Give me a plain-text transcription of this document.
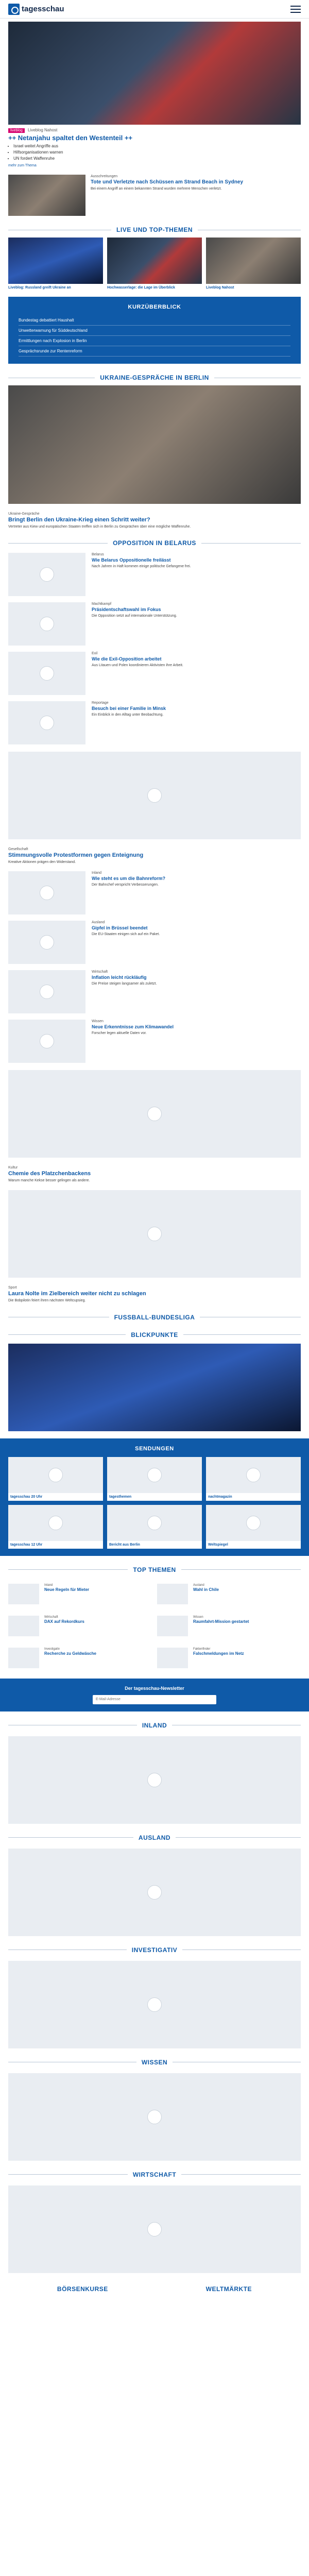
tagesschau
liveblog Liveblog Nahost
++ Netanjahu spaltet den Westenteil ++
• Israel weitet Angriffe aus
• Hilfsorganisationen warnen
• UN fordert Waffenruhe
mehr zum Thema
Ausschreitungen
Tote und Verletzte nach Schüssen am Strand Beach in Sydney
Bei einem Angriff an einem bekannten Strand wurden mehrere Menschen verletzt.
LIVE UND TOP-THEMEN
Liveblog: Russland greift Ukraine an	Hochwasserlage: die Lage im Überblick	Liveblog Nahost
KURZÜBERBLICK
Bundestag debattiert Haushalt
Unwetterwarnung für Süddeutschland
Ermittlungen nach Explosion in Berlin
Gesprächsrunde zur Rentenreform
UKRAINE-GESPRÄCHE IN BERLIN
Ukraine-Gespräche
Bringt Berlin den Ukraine-Krieg einen Schritt weiter?
Vertreter aus Kiew und europäischen Staaten treffen sich in Berlin zu Gesprächen über eine mögliche Waffenruhe.
OPPOSITION IN BELARUS
Belarus
Wie Belarus Oppositionelle freilässt
Nach Jahren in Haft kommen einige politische Gefangene frei.
Machtkampf
Präsidentschaftswahl im Fokus
Die Opposition setzt auf internationale Unterstützung.
Exil
Wie die Exil-Opposition arbeitet
Aus Litauen und Polen koordinieren Aktivisten ihre Arbeit.
Reportage
Besuch bei einer Familie in Minsk
Ein Einblick in den Alltag unter Beobachtung.
Gesellschaft
Stimmungsvolle Protestformen gegen Enteignung
Kreative Aktionen prägen den Widerstand.
Inland
Wie steht es um die Bahnreform?
Der Bahnchef verspricht Verbesserungen.
Ausland
Gipfel in Brüssel beendet
Die EU-Staaten einigen sich auf ein Paket.
Wirtschaft
Inflation leicht rückläufig
Die Preise steigen langsamer als zuletzt.
Wissen
Neue Erkenntnisse zum Klimawandel
Forscher legen aktuelle Daten vor.
Kultur
Chemie des Platzchenbackens
Warum manche Kekse besser gelingen als andere.
Sport
Laura Nolte im Zielbereich weiter nicht zu schlagen
Die Bobpilotin feiert ihren nächsten Weltcupsieg.
FUSSBALL-BUNDESLIGA
BLICKPUNKTE
SENDUNGEN
tagesschau 20 Uhr	tagesthemen	nachtmagazin
tagesschau 12 Uhr	Bericht aus Berlin	Weltspiegel
TOP THEMEN
Inland
Neue Regeln für Mieter
Ausland
Wahl in Chile
Wirtschaft
DAX auf Rekordkurs
Wissen
Raumfahrt-Mission gestartet
Investigativ
Recherche zu Geldwäsche
Faktenfinder
Falschmeldungen im Netz
Der tagesschau-Newsletter
E-Mail-Adresse
INLAND
AUSLAND
INVESTIGATIV
WISSEN
WIRTSCHAFT
BÖRSENKURSE	WELTMÄRKTE
